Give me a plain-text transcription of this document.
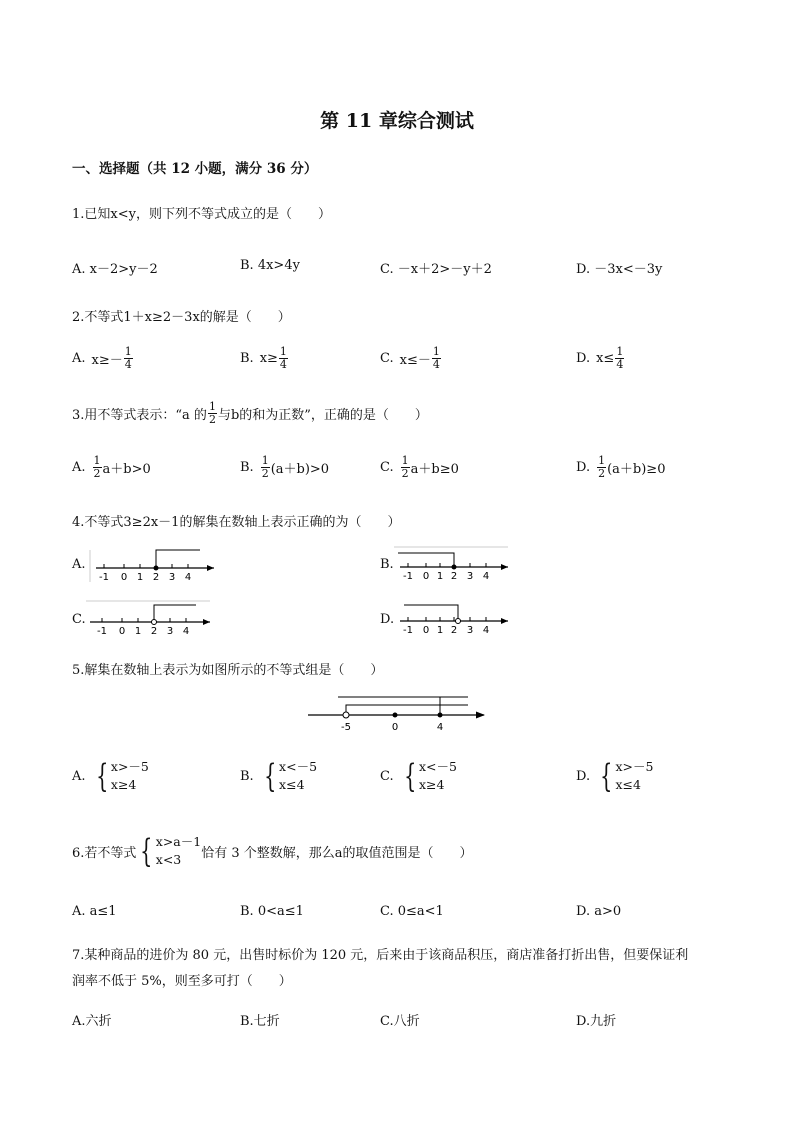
第 11 章综合测试
一、选择题（共 12 小题，满分 36 分）
1.已知x<y，则下列不等式成立的是（　　）
A. x－2>y－2	B. 4x>4y	C. －x＋2>－y＋2	D. －3x<－3y
2.不等式1＋x≥2－3x的解是（　　）
A. $x\ge- \frac{1}{4}$	B. $x\ge \frac{1}{4}$	C. $x\le- \frac{1}{4}$	D. $x\le \frac{1}{4}$
3.用不等式表示：“a 的 $\frac{1}{2}$ 与b的和为正数”，正确的是（　　）
A. $\frac{1}{2} a+b>0$	B. $\frac{1}{2} (a+b)>0$	C. $\frac{1}{2} a+b\ge 0$	D. $\frac{1}{2} (a+b)\ge 0$
4.不等式3≥2x－1的解集在数轴上表示正确的为（　　）
A.
-1 0 1 2 3 4
B.
-1 0 1 2 3 4
C.
-1 0 1 2 3 4
D.
-1 0 1 2 3 4
5.解集在数轴上表示为如图所示的不等式组是（　　）
-5	0	4
A. { x>－5
x≥4
B. { x<－5
x≤4
C. { x<－5
x≥4
D. { x>－5
x≤4
6.若不等式 { x>a－1
x<3	恰有 3 个整数解，那么a的取值范围是（　　）
A. a≤1	B. 0<a≤1	C. 0≤a<1	D. a>0
7.某种商品的进价为 80 元，出售时标价为 120 元，后来由于该商品积压，商店准备打折出售，但要保证利
润率不低于 5%，则至多可打（　　）
A.六折	B.七折	C.八折	D.九折
